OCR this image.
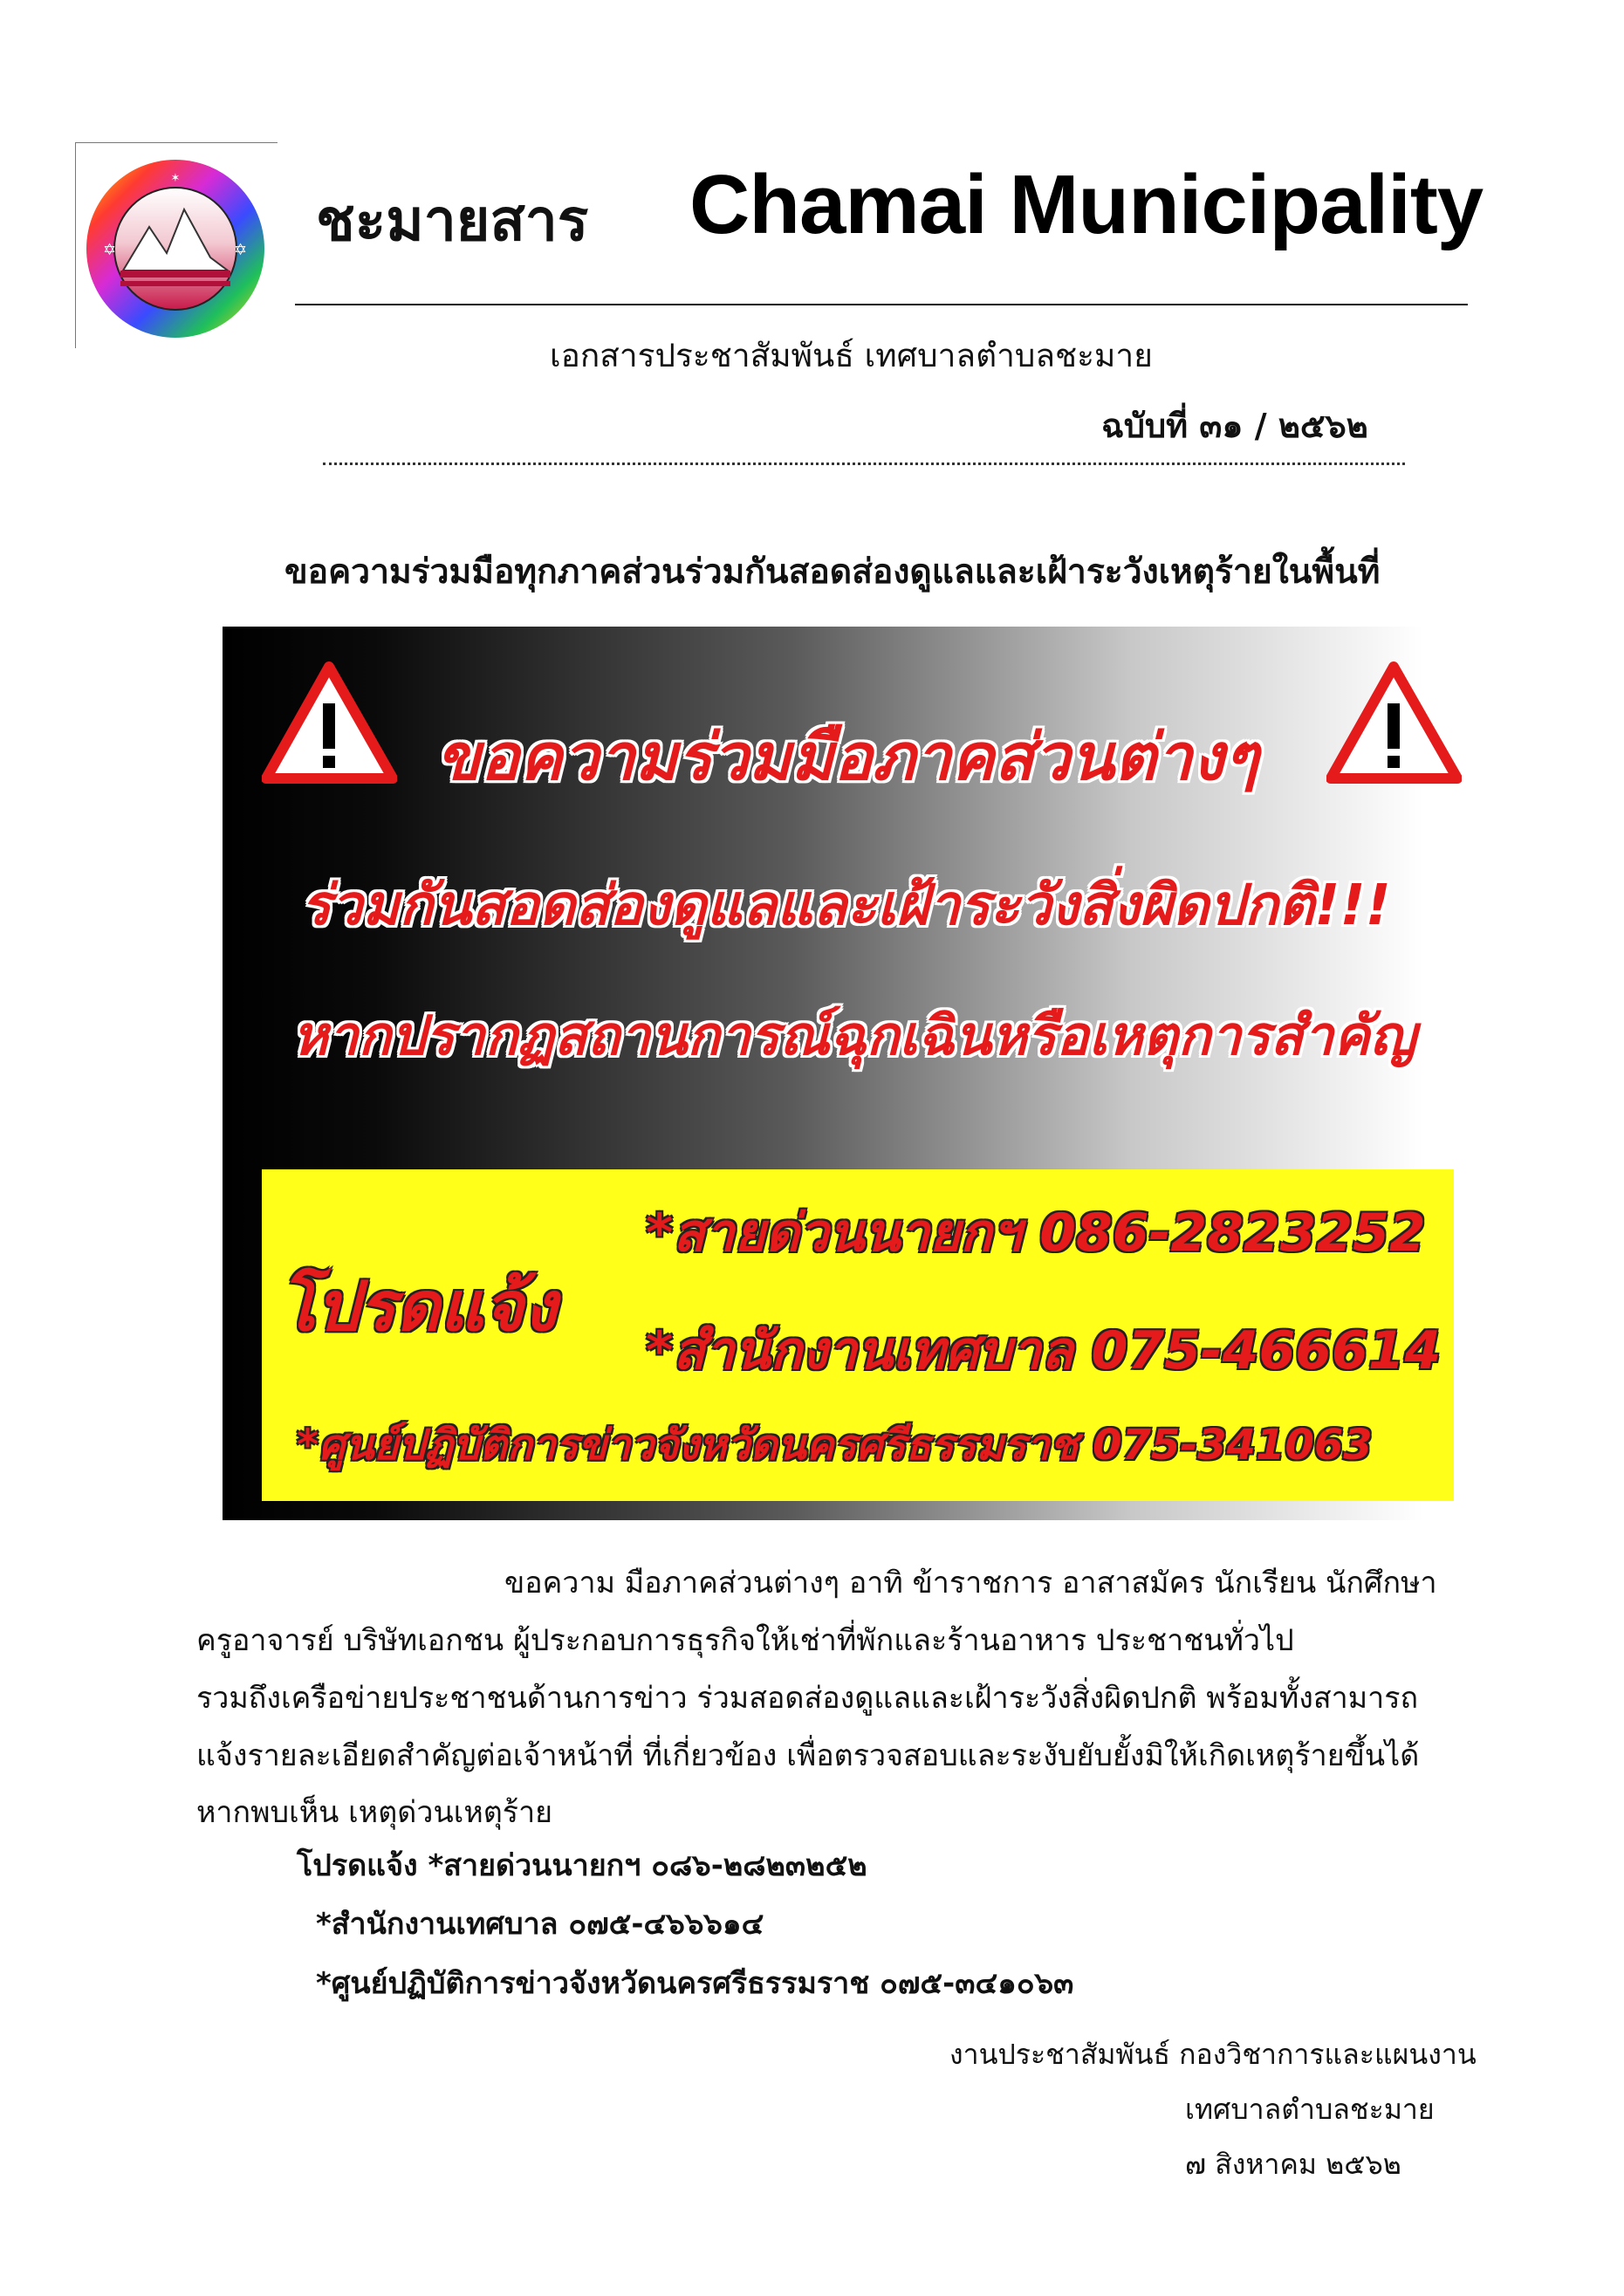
✶
✡	✡ ชะมายสาร Chamai Municipality
เอกสารประชาสัมพันธ์ เทศบาลตำบลชะมาย
ฉบับที่ ๓๑ / ๒๕๖๒
ขอความร่วมมือทุกภาคส่วนร่วมกันสอดส่องดูแลและเฝ้าระวังเหตุร้ายในพื้นที่
ขอความร่วมมือภาคส่วนต่างๆ
ร่วมกันสอดส่องดูแลและเฝ้าระวังสิ่งผิดปกติ!!!
หากปรากฏสถานการณ์ฉุกเฉินหรือเหตุการสำคัญ
โปรดแจ้ง
*สายด่วนนายกฯ 086-2823252
*สำนักงานเทศบาล 075-466614
*ศูนย์ปฏิบัติการข่าวจังหวัดนครศรีธรรมราช 075-341063
ขอความ มือภาคส่วนต่างๆ อาทิ ข้าราชการ อาสาสมัคร นักเรียน นักศึกษา
ครูอาจารย์ บริษัทเอกชน ผู้ประกอบการธุรกิจให้เช่าที่พักและร้านอาหาร ประชาชนทั่วไป
รวมถึงเครือข่ายประชาชนด้านการข่าว ร่วมสอดส่องดูแลและเฝ้าระวังสิ่งผิดปกติ พร้อมทั้งสามารถ
แจ้งรายละเอียดสำคัญต่อเจ้าหน้าที่ ที่เกี่ยวข้อง เพื่อตรวจสอบและระงับยับยั้งมิให้เกิดเหตุร้ายขึ้นได้
หากพบเห็น เหตุด่วนเหตุร้าย
โปรดแจ้ง *สายด่วนนายกฯ ๐๘๖-๒๘๒๓๒๕๒
*สำนักงานเทศบาล ๐๗๕-๔๖๖๖๑๔
*ศูนย์ปฏิบัติการข่าวจังหวัดนครศรีธรรมราช ๐๗๕-๓๔๑๐๖๓
งานประชาสัมพันธ์ กองวิชาการและแผนงาน
เทศบาลตำบลชะมาย
๗ สิงหาคม ๒๕๖๒
